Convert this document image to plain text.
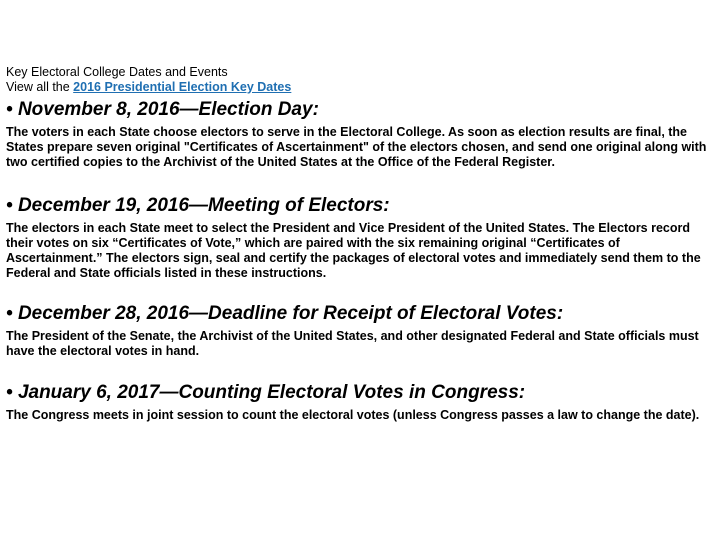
Key Electoral College Dates and Events

View all the 2016 Presidential Election Key Dates

• November 8, 2016—Election Day:

The voters in each State choose electors to serve in the Electoral College. As soon as election results are final, the States prepare seven original "Certificates of Ascertainment" of the electors chosen, and send one original along with two certified copies to the Archivist of the United States at the Office of the Federal Register.

• December 19, 2016—Meeting of Electors:

The electors in each State meet to select the President and Vice President of the United States. The Electors record their votes on six “Certificates of Vote,” which are paired with the six remaining original “Certificates of Ascertainment.” The electors sign, seal and certify the packages of electoral votes and immediately send them to the Federal and State officials listed in these instructions.

• December 28, 2016—Deadline for Receipt of Electoral Votes:

The President of the Senate, the Archivist of the United States, and other designated Federal and State officials must have the electoral votes in hand.

• January 6, 2017—Counting Electoral Votes in Congress:

The Congress meets in joint session to count the electoral votes (unless Congress passes a law to change the date).
